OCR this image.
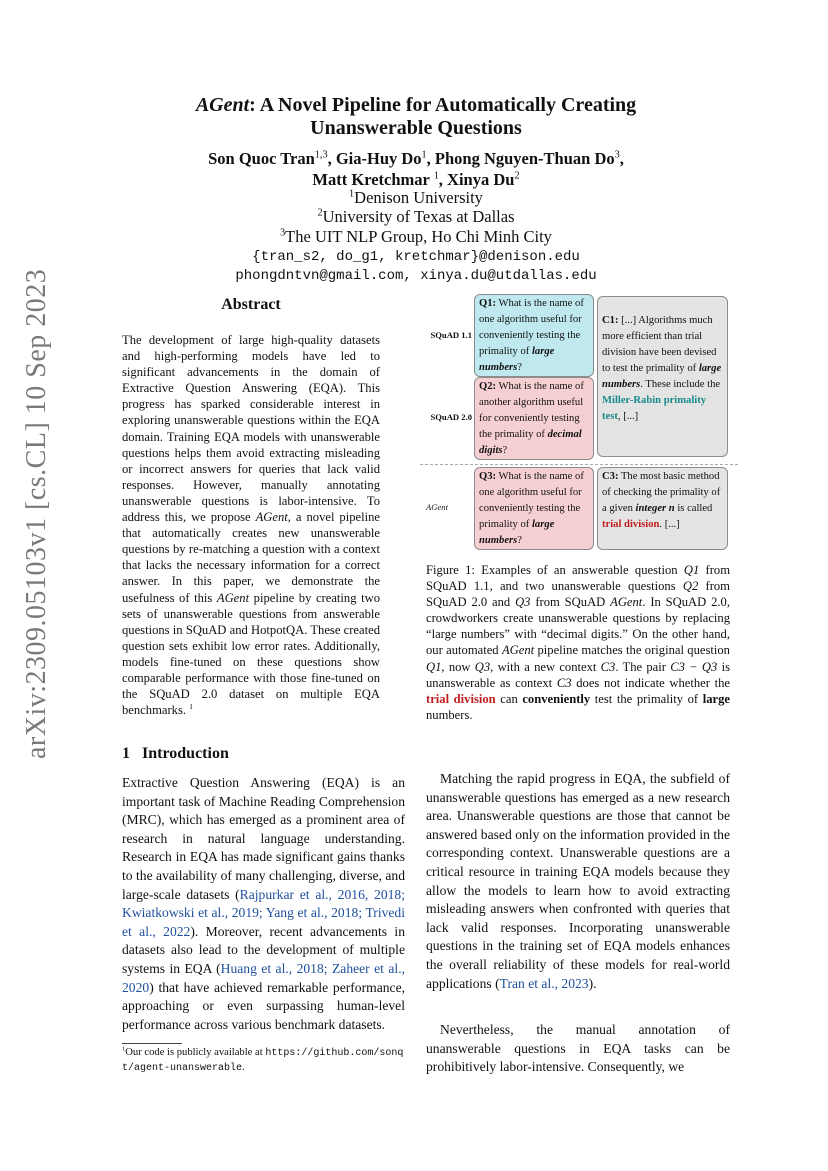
arXiv:2309.05103v1 [cs.CL] 10 Sep 2023
AGent: A Novel Pipeline for Automatically Creating
Unanswerable Questions
Son Quoc Tran$^{1,3}$, Gia-Huy Do$^1$, Phong Nguyen-Thuan Do$^3$,
Matt Kretchmar $^1$, Xinya Du$^2$
$^1$Denison University
$^2$University of Texas at Dallas
$^3$The UIT NLP Group, Ho Chi Minh City
{tran_s2, do_g1, kretchmar}@denison.edu
phongdntvn@gmail.com, xinya.du@utdallas.edu
Abstract
The development of large high-quality datasets and high-performing models have led to significant advancements in the domain of Extractive Question Answering (EQA). This progress has sparked considerable interest in exploring unanswerable questions within the EQA domain. Training EQA models with unanswerable questions helps them avoid extracting misleading or incorrect answers for queries that lack valid responses. However, manually annotating unanswerable questions is labor-intensive. To address this, we propose AGent, a novel pipeline that automatically creates new unanswerable questions by re-matching a question with a context that lacks the necessary information for a correct answer. In this paper, we demonstrate the usefulness of this AGent pipeline by creating two sets of unanswerable questions from answerable questions in SQuAD and HotpotQA. These created question sets exhibit low error rates. Additionally, models fine-tuned on these questions show comparable performance with those fine-tuned on the SQuAD 2.0 dataset on multiple EQA benchmarks. $^1$
SQuAD 1.1
SQuAD 2.0
AGent
Q1: What is the name of one algorithm useful for conveniently testing the primality of large numbers?
Q2: What is the name of another algorithm useful for conveniently testing the primality of decimal digits?
C1: [...] Algorithms much more efficient than trial division have been devised to test the primality of large numbers. These include the Miller-Rabin primality test, [...]
Q3: What is the name of one algorithm useful for conveniently testing the primality of large numbers?
C3: The most basic method of checking the primality of a given integer n is called trial division. [...]
Figure 1: Examples of an answerable question Q1 from SQuAD 1.1, and two unanswerable questions Q2 from SQuAD 2.0 and Q3 from SQuAD AGent. In SQuAD 2.0, crowdworkers create unanswerable questions by replacing “large numbers” with “decimal digits.” On the other hand, our automated AGent pipeline matches the original question Q1, now Q3, with a new context C3. The pair C3 − Q3 is unanswerable as context C3 does not indicate whether the trial division can conveniently test the primality of large numbers.
1   Introduction
Extractive Question Answering (EQA) is an important task of Machine Reading Comprehension (MRC), which has emerged as a prominent area of research in natural language understanding. Research in EQA has made significant gains thanks to the availability of many challenging, diverse, and large-scale datasets (Rajpurkar et al., 2016, 2018; Kwiatkowski et al., 2019; Yang et al., 2018; Trivedi et al., 2022). Moreover, recent advancements in datasets also lead to the development of multiple systems in EQA (Huang et al., 2018; Zaheer et al., 2020) that have achieved remarkable performance, approaching or even surpassing human-level performance across various benchmark datasets.
Matching the rapid progress in EQA, the subfield of unanswerable questions has emerged as a new research area. Unanswerable questions are those that cannot be answered based only on the information provided in the corresponding context. Unanswerable questions are a critical resource in training EQA models because they allow the models to learn how to avoid extracting misleading answers when confronted with queries that lack valid responses. Incorporating unanswerable questions in the training set of EQA models enhances the overall reliability of these models for real-world applications (Tran et al., 2023).
Nevertheless, the manual annotation of unanswerable questions in EQA tasks can be prohibitively labor-intensive. Consequently, we
$^1$Our code is publicly available at https://github.com/sonqt/agent-unanswerable.
